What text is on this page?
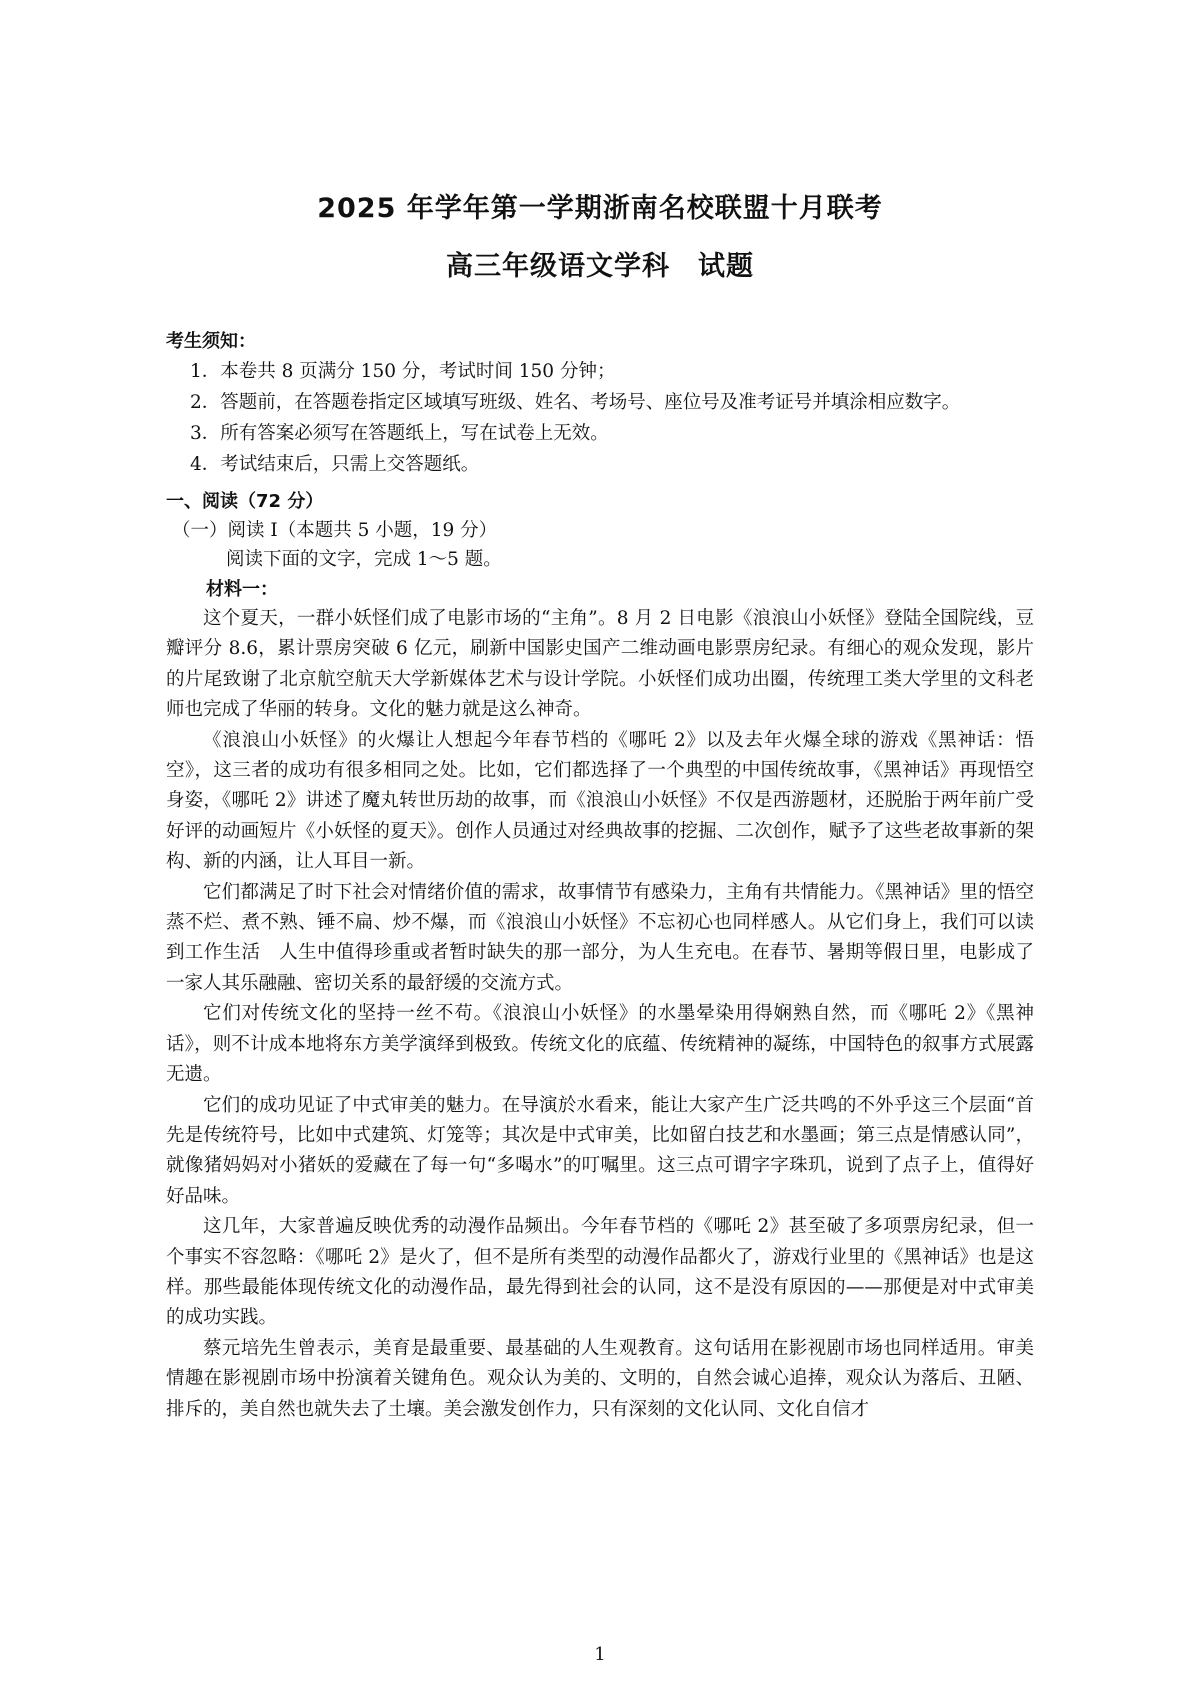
2025 年学年第一学期浙南名校联盟十月联考
高三年级语文学科　试题
考生须知：
1．本卷共 8 页满分 150 分，考试时间 150 分钟；
2．答题前，在答题卷指定区域填写班级、姓名、考场号、座位号及准考证号并填涂相应数字。
3．所有答案必须写在答题纸上，写在试卷上无效。
4．考试结束后，只需上交答题纸。
一、阅读（72 分）
（一）阅读 Ⅰ（本题共 5 小题，19 分）
阅读下面的文字，完成 1～5 题。
材料一：

这个夏天，一群小妖怪们成了电影市场的“主角”。8 月 2 日电影《浪浪山小妖怪》登陆全国院线，豆瓣评分 8.6，累计票房突破 6 亿元，刷新中国影史国产二维动画电影票房纪录。有细心的观众发现，影片的片尾致谢了北京航空航天大学新媒体艺术与设计学院。小妖怪们成功出圈，传统理工类大学里的文科老师也完成了华丽的转身。文化的魅力就是这么神奇。

《浪浪山小妖怪》的火爆让人想起今年春节档的《哪吒 2》以及去年火爆全球的游戏《黑神话：悟空》，这三者的成功有很多相同之处。比如，它们都选择了一个典型的中国传统故事，《黑神话》再现悟空身姿，《哪吒 2》讲述了魔丸转世历劫的故事，而《浪浪山小妖怪》不仅是西游题材，还脱胎于两年前广受好评的动画短片《小妖怪的夏天》。创作人员通过对经典故事的挖掘、二次创作，赋予了这些老故事新的架构、新的内涵，让人耳目一新。

它们都满足了时下社会对情绪价值的需求，故事情节有感染力，主角有共情能力。《黑神话》里的悟空蒸不烂、煮不熟、锤不扁、炒不爆，而《浪浪山小妖怪》不忘初心也同样感人。从它们身上，我们可以读到工作生活　人生中值得珍重或者暂时缺失的那一部分，为人生充电。在春节、暑期等假日里，电影成了一家人其乐融融、密切关系的最舒缓的交流方式。

它们对传统文化的坚持一丝不苟。《浪浪山小妖怪》的水墨晕染用得娴熟自然，而《哪吒 2》《黑神话》，则不计成本地将东方美学演绎到极致。传统文化的底蕴、传统精神的凝练，中国特色的叙事方式展露无遗。

它们的成功见证了中式审美的魅力。在导演於水看来，能让大家产生广泛共鸣的不外乎这三个层面“首先是传统符号，比如中式建筑、灯笼等；其次是中式审美，比如留白技艺和水墨画；第三点是情感认同”，就像猪妈妈对小猪妖的爱藏在了每一句“多喝水”的叮嘱里。这三点可谓字字珠玑，说到了点子上，值得好好品味。

这几年，大家普遍反映优秀的动漫作品频出。今年春节档的《哪吒 2》甚至破了多项票房纪录，但一个事实不容忽略：《哪吒 2》是火了，但不是所有类型的动漫作品都火了，游戏行业里的《黑神话》也是这样。那些最能体现传统文化的动漫作品，最先得到社会的认同，这不是没有原因的——那便是对中式审美的成功实践。

蔡元培先生曾表示，美育是最重要、最基础的人生观教育。这句话用在影视剧市场也同样适用。审美情趣在影视剧市场中扮演着关键角色。观众认为美的、文明的，自然会诚心追捧，观众认为落后、丑陋、排斥的，美自然也就失去了土壤。美会激发创作力，只有深刻的文化认同、文化自信才

1
